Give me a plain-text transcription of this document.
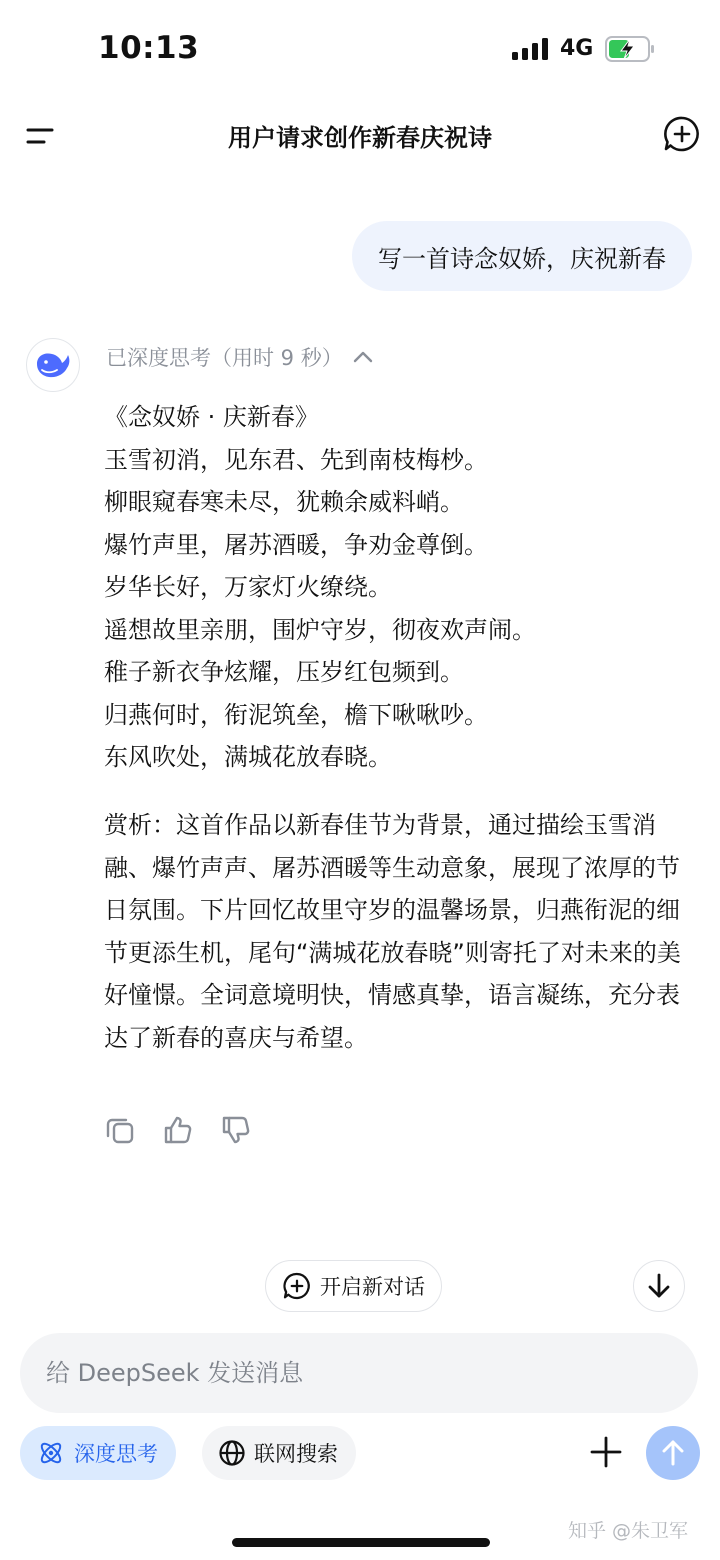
10:13	4G
用户请求创作新春庆祝诗
写一首诗念奴娇，庆祝新春
已深度思考（用时 9 秒）
《念奴娇 · 庆新春》
玉雪初消，见东君、先到南枝梅杪。
柳眼窥春寒未尽，犹赖余威料峭。
爆竹声里，屠苏酒暖，争劝金尊倒。
岁华长好，万家灯火缭绕。
遥想故里亲朋，围炉守岁，彻夜欢声闹。
稚子新衣争炫耀，压岁红包频到。
归燕何时，衔泥筑垒，檐下啾啾吵。
东风吹处，满城花放春晓。
赏析：这首作品以新春佳节为背景，通过描绘玉雪消融、爆竹声声、屠苏酒暖等生动意象，展现了浓厚的节日氛围。下片回忆故里守岁的温馨场景，归燕衔泥的细节更添生机，尾句“满城花放春晓”则寄托了对未来的美好憧憬。全词意境明快，情感真挚，语言凝练，充分表达了新春的喜庆与希望。
开启新对话
给 DeepSeek 发送消息
深度思考	联网搜索
知乎 @朱卫军
